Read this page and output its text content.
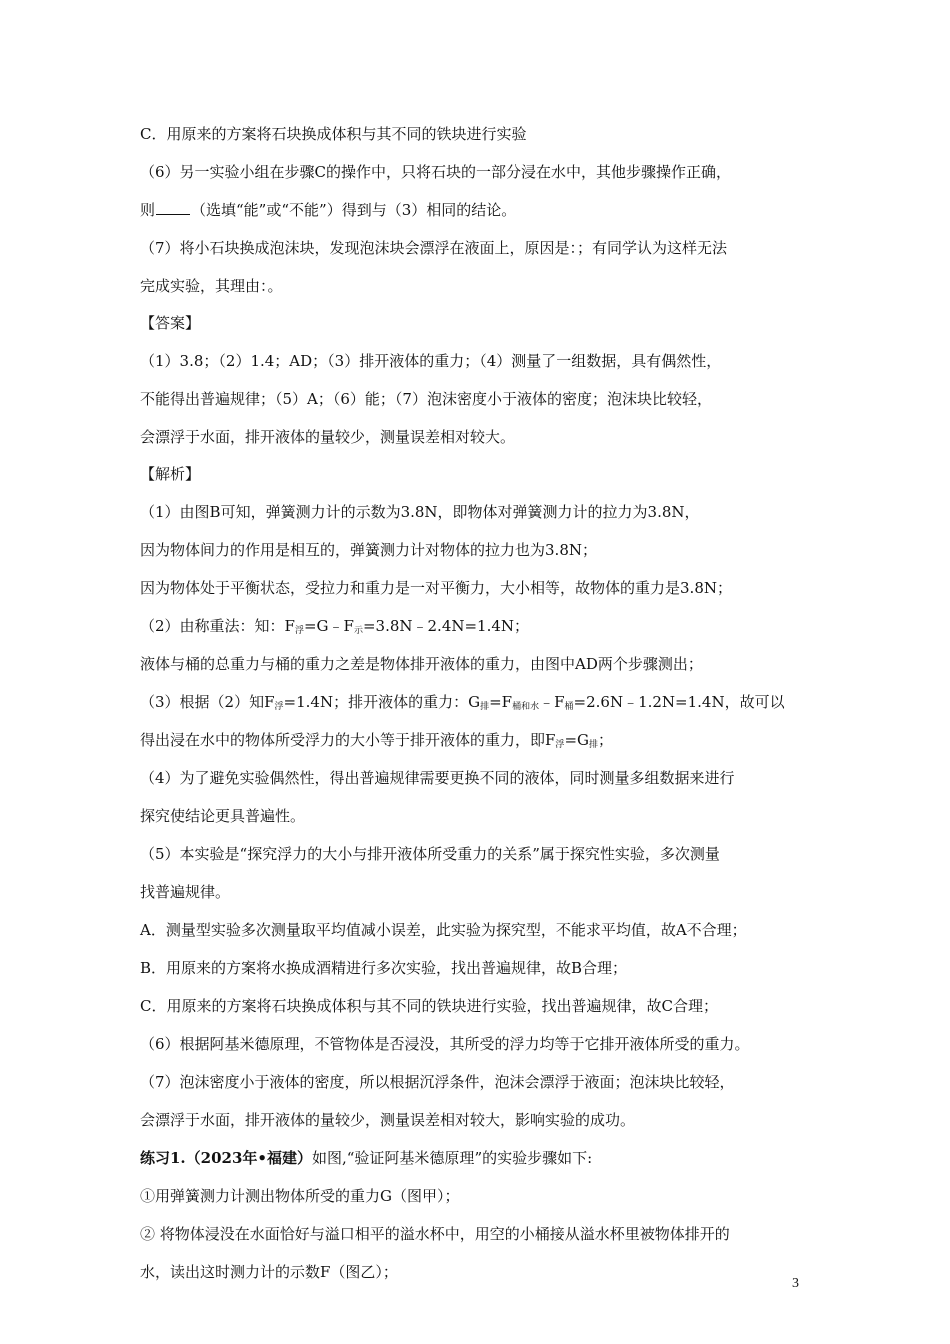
C．用原来的方案将石块换成体积与其不同的铁块进行实验
（6）另一实验小组在步骤C的操作中，只将石块的一部分浸在水中，其他步骤操作正确，
则 （选填“能”或“不能”）得到与（3）相同的结论。
（7）将小石块换成泡沫块，发现泡沫块会漂浮在液面上，原因是：；有同学认为这样无法
完成实验，其理由：。
【答案】
（1）3.8；（2）1.4；AD；（3）排开液体的重力；（4）测量了一组数据，具有偶然性，
不能得出普遍规律；（5）A；（6）能；（7）泡沫密度小于液体的密度；泡沫块比较轻，
会漂浮于水面，排开液体的量较少，测量误差相对较大。
【解析】
（1）由图B可知，弹簧测力计的示数为3.8N，即物体对弹簧测力计的拉力为3.8N，
因为物体间力的作用是相互的，弹簧测力计对物体的拉力也为3.8N；
因为物体处于平衡状态，受拉力和重力是一对平衡力，大小相等，故物体的重力是3.8N；
（2）由称重法：知：$F_浮=G﹣F_示=3.8N﹣2.4N=1.4N$；
液体与桶的总重力与桶的重力之差是物体排开液体的重力，由图中AD两个步骤测出；
（3）根据（2）知$F_浮=1.4N$；排开液体的重力：$G_排=F_{桶和水}﹣F_桶=2.6N﹣1.2N=1.4N$，故可以
得出浸在水中的物体所受浮力的大小等于排开液体的重力，即$F_浮=G_排$；
（4）为了避免实验偶然性，得出普遍规律需要更换不同的液体，同时测量多组数据来进行
探究使结论更具普遍性。
（5）本实验是“探究浮力的大小与排开液体所受重力的关系”属于探究性实验，多次测量
找普遍规律。
A．测量型实验多次测量取平均值减小误差，此实验为探究型，不能求平均值，故A不合理；
B．用原来的方案将水换成酒精进行多次实验，找出普遍规律，故B合理；
C．用原来的方案将石块换成体积与其不同的铁块进行实验，找出普遍规律，故C合理；
（6）根据阿基米德原理，不管物体是否浸没，其所受的浮力均等于它排开液体所受的重力。
（7）泡沫密度小于液体的密度，所以根据沉浮条件，泡沫会漂浮于液面；泡沫块比较轻，
会漂浮于水面，排开液体的量较少，测量误差相对较大，影响实验的成功。
练习1.（2023年•福建）如图,“验证阿基米德原理”的实验步骤如下:
①用弹簧测力计测出物体所受的重力G（图甲）；
② 将物体浸没在水面恰好与溢口相平的溢水杯中，用空的小桶接从溢水杯里被物体排开的
水，读出这时测力计的示数F（图乙）；
3
